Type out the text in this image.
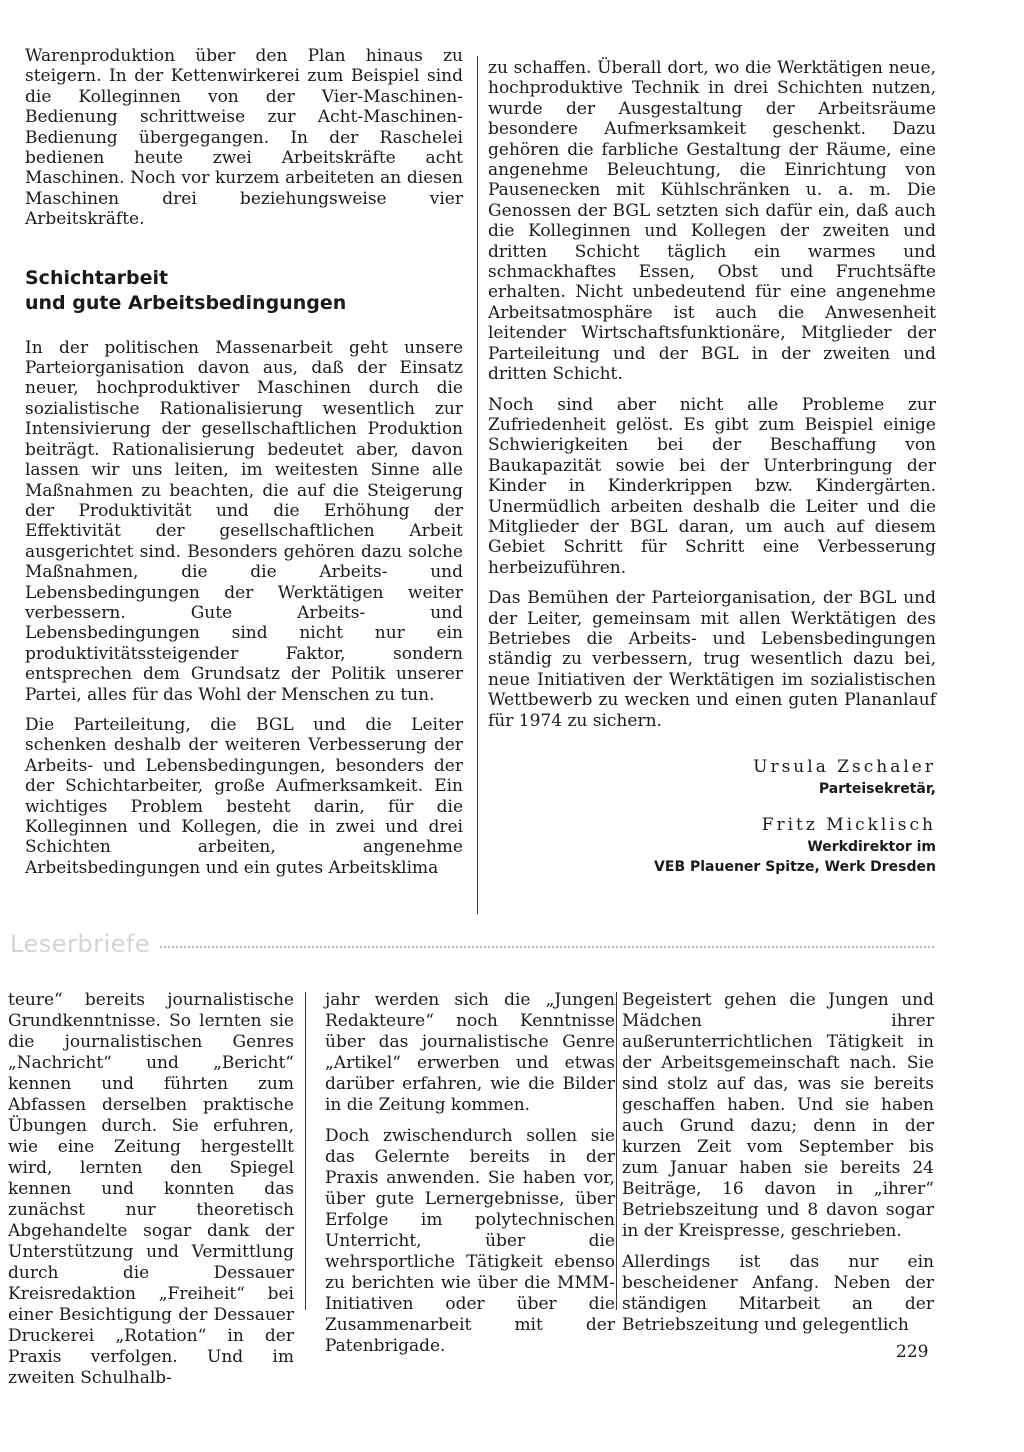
Warenproduktion über den Plan hinaus zu steigern. In der Kettenwirkerei zum Beispiel sind die Kolleginnen von der Vier-Maschinen-Bedienung schrittweise zur Acht-Maschinen-Bedienung übergegangen. In der Raschelei bedienen heute zwei Arbeitskräfte acht Maschinen. Noch vor kurzem arbeiteten an diesen Maschinen drei beziehungsweise vier Arbeitskräfte.

Schichtarbeit
und gute Arbeitsbedingungen

In der politischen Massenarbeit geht unsere Parteiorganisation davon aus, daß der Einsatz neuer, hochproduktiver Maschinen durch die sozialistische Rationalisierung wesentlich zur Intensivierung der gesellschaftlichen Produktion beiträgt. Rationalisierung bedeutet aber, davon lassen wir uns leiten, im weitesten Sinne alle Maßnahmen zu beachten, die auf die Steigerung der Produktivität und die Erhöhung der Effektivität der gesellschaftlichen Arbeit ausgerichtet sind. Besonders gehören dazu solche Maßnahmen, die die Arbeits- und Lebensbedingungen der Werktätigen weiter verbessern. Gute Arbeits- und Lebensbedingungen sind nicht nur ein produktivitätssteigender Faktor, sondern entsprechen dem Grundsatz der Politik unserer Partei, alles für das Wohl der Menschen zu tun.

Die Parteileitung, die BGL und die Leiter schenken deshalb der weiteren Verbesserung der Arbeits- und Lebensbedingungen, besonders der der Schichtarbeiter, große Aufmerksamkeit. Ein wichtiges Problem besteht darin, für die Kolleginnen und Kollegen, die in zwei und drei Schichten arbeiten, angenehme Arbeitsbedingungen und ein gutes Arbeitsklima

zu schaffen. Überall dort, wo die Werktätigen neue, hochproduktive Technik in drei Schichten nutzen, wurde der Ausgestaltung der Arbeitsräume besondere Aufmerksamkeit geschenkt. Dazu gehören die farbliche Gestaltung der Räume, eine angenehme Beleuchtung, die Einrichtung von Pausenecken mit Kühlschränken u. a. m. Die Genossen der BGL setzten sich dafür ein, daß auch die Kolleginnen und Kollegen der zweiten und dritten Schicht täglich ein warmes und schmackhaftes Essen, Obst und Fruchtsäfte erhalten. Nicht unbedeutend für eine angenehme Arbeitsatmosphäre ist auch die Anwesenheit leitender Wirtschaftsfunktionäre, Mitglieder der Parteileitung und der BGL in der zweiten und dritten Schicht.

Noch sind aber nicht alle Probleme zur Zufriedenheit gelöst. Es gibt zum Beispiel einige Schwierigkeiten bei der Beschaffung von Baukapazität sowie bei der Unterbringung der Kinder in Kinderkrippen bzw. Kindergärten. Unermüdlich arbeiten deshalb die Leiter und die Mitglieder der BGL daran, um auch auf diesem Gebiet Schritt für Schritt eine Verbesserung herbeizuführen.

Das Bemühen der Parteiorganisation, der BGL und der Leiter, gemeinsam mit allen Werktätigen des Betriebes die Arbeits- und Lebensbedingungen ständig zu verbessern, trug wesentlich dazu bei, neue Initiativen der Werktätigen im sozialistischen Wettbewerb zu wecken und einen guten Plananlauf für 1974 zu sichern.

Ursula Zschaler
Parteisekretär,
Fritz Micklisch
Werkdirektor im
VEB Plauener Spitze, Werk Dresden
Leserbriefe

teure“ bereits journalistische Grundkenntnisse. So lernten sie die journalistischen Genres „Nachricht“ und „Bericht“ kennen und führten zum Abfassen derselben praktische Übungen durch. Sie erfuhren, wie eine Zeitung hergestellt wird, lernten den Spiegel kennen und konnten das zunächst nur theoretisch Abgehandelte sogar dank der Unterstützung und Vermittlung durch die Dessauer Kreisredaktion „Freiheit“ bei einer Besichtigung der Dessauer Druckerei „Rotation“ in der Praxis verfolgen. Und im zweiten Schulhalb-

jahr werden sich die „Jungen Redakteure“ noch Kenntnisse über das journalistische Genre „Artikel“ erwerben und etwas darüber erfahren, wie die Bilder in die Zeitung kommen.

Doch zwischendurch sollen sie das Gelernte bereits in der Praxis anwenden. Sie haben vor, über gute Lernergebnisse, über Erfolge im polytechnischen Unterricht, über die wehrsportliche Tätigkeit ebenso zu berichten wie über die MMM-Initiativen oder über die Zusammenarbeit mit der Patenbrigade.

Begeistert gehen die Jungen und Mädchen ihrer außerunterrichtlichen Tätigkeit in der Arbeitsgemeinschaft nach. Sie sind stolz auf das, was sie bereits geschaffen haben. Und sie haben auch Grund dazu; denn in der kurzen Zeit vom September bis zum Januar haben sie bereits 24 Beiträge, 16 davon in „ihrer“ Betriebszeitung und 8 davon sogar in der Kreispresse, geschrieben.

Allerdings ist das nur ein bescheidener Anfang. Neben der ständigen Mitarbeit an der Betriebszeitung und gelegentlich

229
